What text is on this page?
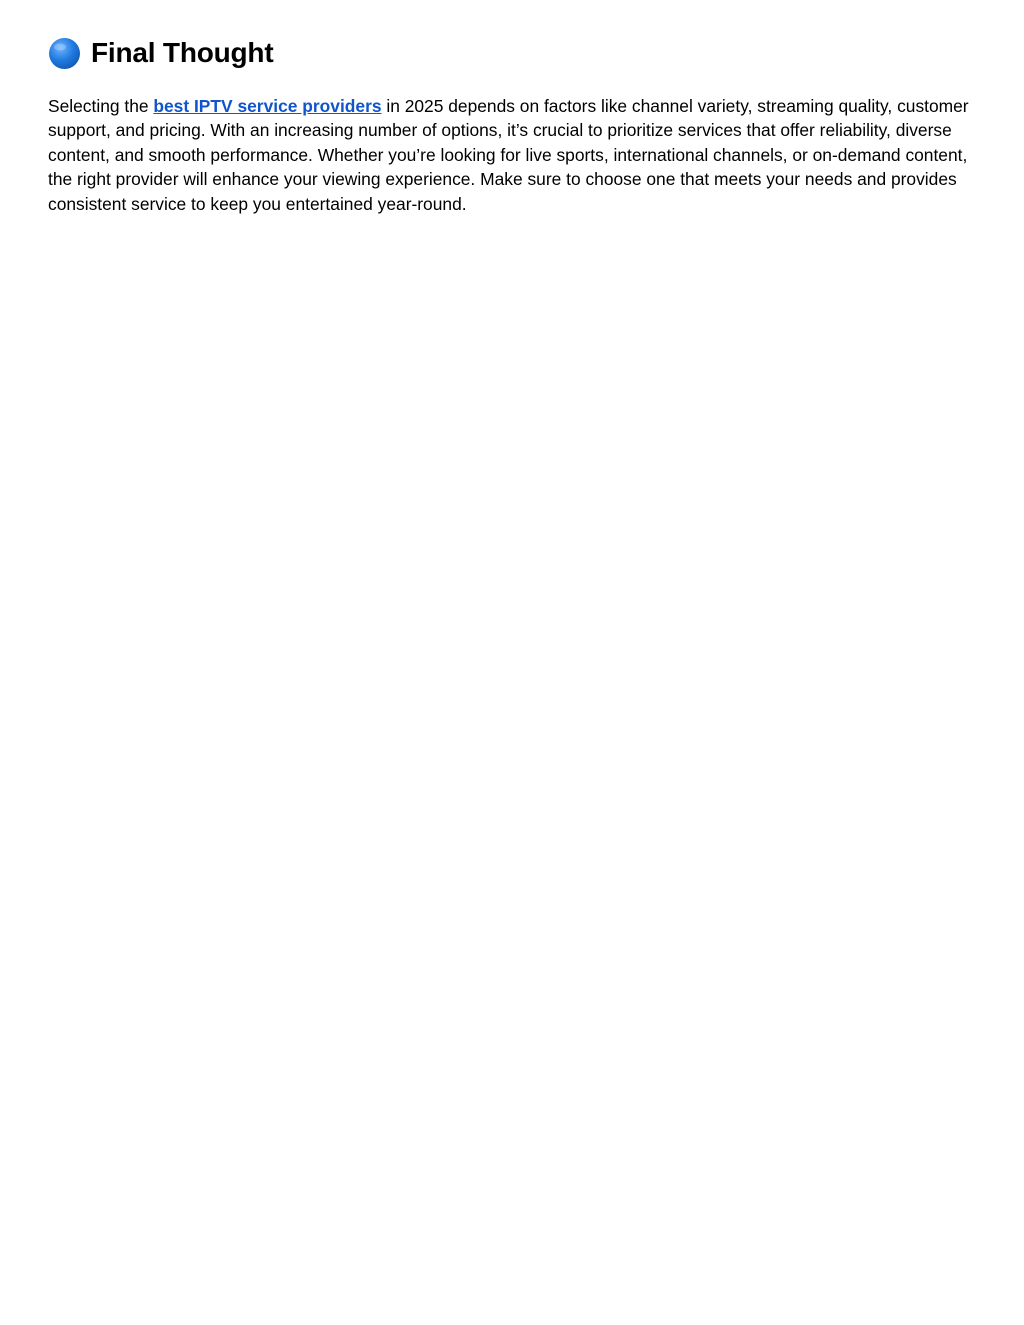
Final Thought

Selecting the best IPTV service providers in 2025 depends on factors like channel variety, streaming quality, customer support, and pricing. With an increasing number of options, it’s crucial to prioritize services that offer reliability, diverse content, and smooth performance. Whether you’re looking for live sports, international channels, or on-demand content, the right provider will enhance your viewing experience. Make sure to choose one that meets your needs and provides consistent service to keep you entertained year-round.
